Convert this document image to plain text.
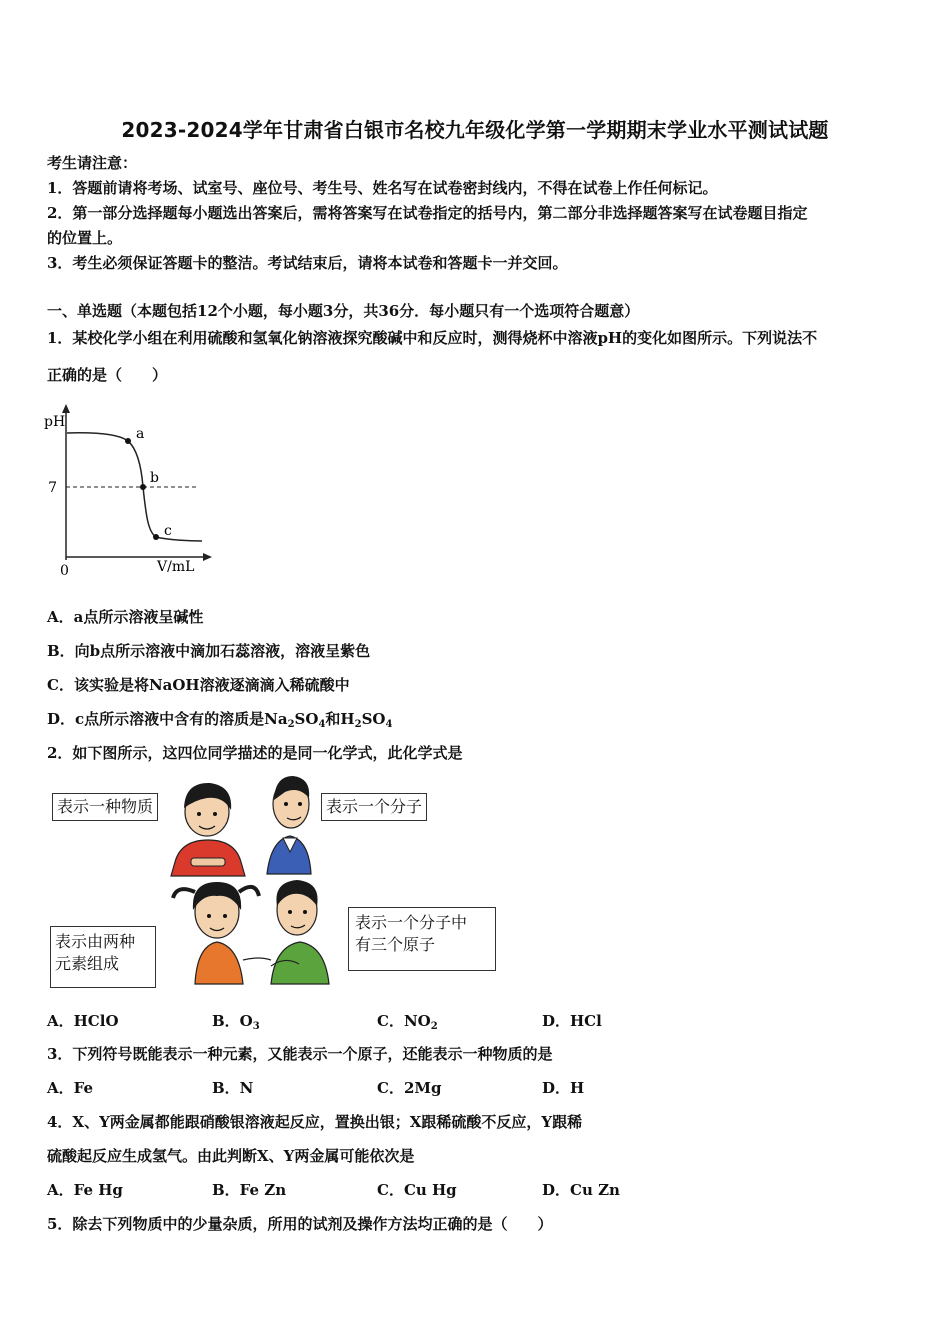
2023-2024学年甘肃省白银市名校九年级化学第一学期期末学业水平测试试题
考生请注意：
1．答题前请将考场、试室号、座位号、考生号、姓名写在试卷密封线内，不得在试卷上作任何标记。
2．第一部分选择题每小题选出答案后，需将答案写在试卷指定的括号内，第二部分非选择题答案写在试卷题目指定
的位置上。
3．考生必须保证答题卡的整洁。考试结束后，请将本试卷和答题卡一并交回。
一、单选题（本题包括12个小题，每小题3分，共36分．每小题只有一个选项符合题意）
1．某校化学小组在利用硫酸和氢氧化钠溶液探究酸碱中和反应时，测得烧杯中溶液pH的变化如图所示。下列说法不
正确的是（　　）
pH
7
0	V/mL
a
b
c
A．a点所示溶液呈碱性
B．向b点所示溶液中滴加石蕊溶液，溶液呈紫色
C．该实验是将NaOH溶液逐滴滴入稀硫酸中
D．c点所示溶液中含有的溶质是$Na_2SO_4$和$H_2SO_4$
2．如下图所示，这四位同学描述的是同一化学式，此化学式是
表示一种物质	表示一个分子
表示由两种
元素组成
表示一个分子中
有三个原子
A．HClO	B．$O_3$	C．$NO_2$	D．HCl
3．下列符号既能表示一种元素，又能表示一个原子，还能表示一种物质的是
A．Fe	B．N	C．2Mg	D．H
4．X、Y两金属都能跟硝酸银溶液起反应，置换出银；X跟稀硫酸不反应，Y跟稀
硫酸起反应生成氢气。由此判断X、Y两金属可能依次是
A．Fe Hg	B．Fe Zn	C．Cu Hg	D．Cu Zn
5．除去下列物质中的少量杂质，所用的试剂及操作方法均正确的是（　　）
